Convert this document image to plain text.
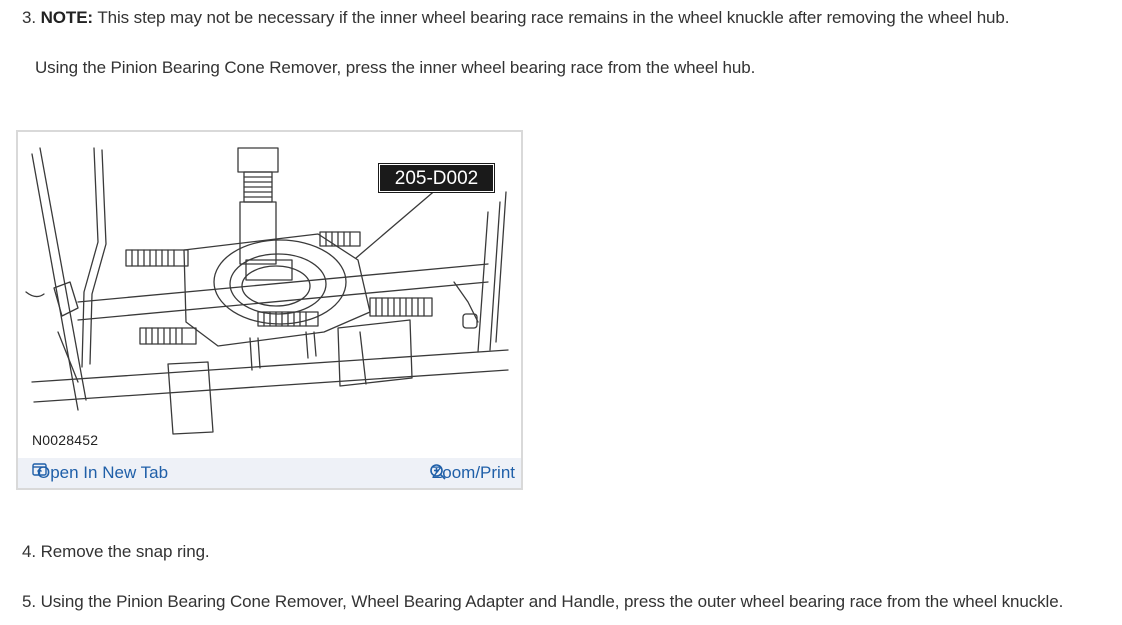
3. NOTE: This step may not be necessary if the inner wheel bearing race remains in the wheel knuckle after removing the wheel hub.
Using the Pinion Bearing Cone Remover, press the inner wheel bearing race from the wheel hub.
205-D002
N0028452
Open In New Tab	Zoom/Print
4. Remove the snap ring.
5. Using the Pinion Bearing Cone Remover, Wheel Bearing Adapter and Handle, press the outer wheel bearing race from the wheel knuckle.
